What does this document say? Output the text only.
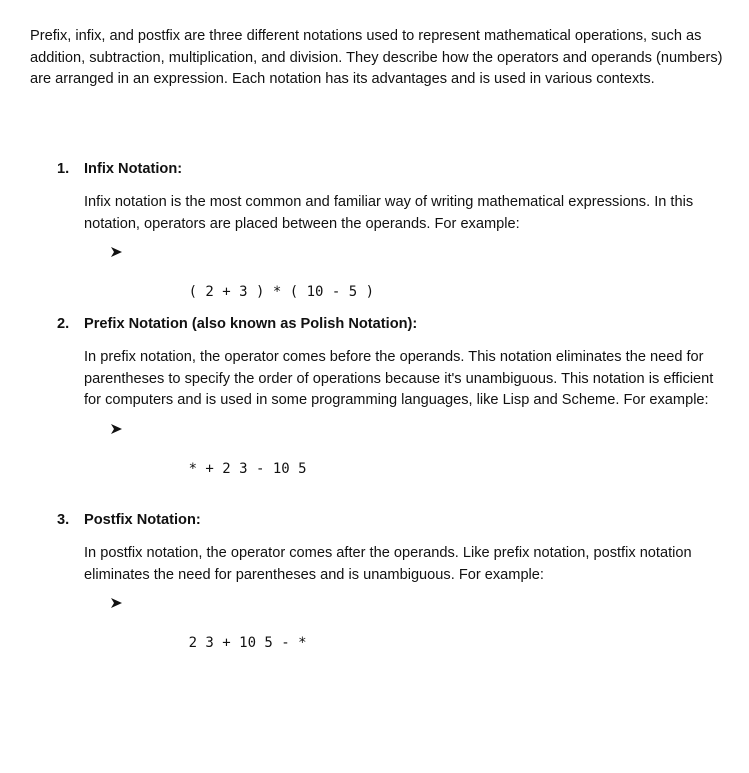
Prefix, infix, and postfix are three different notations used to represent mathematical operations, such as addition, subtraction, multiplication, and division. They describe how the operators and operands (numbers) are arranged in an expression. Each notation has its advantages and is used in various contexts.

1. Infix Notation:

Infix notation is the most common and familiar way of writing mathematical expressions. In this notation, operators are placed between the operands. For example:

( 2 + 3 ) * ( 10 - 5 )

2. Prefix Notation (also known as Polish Notation):

In prefix notation, the operator comes before the operands. This notation eliminates the need for parentheses to specify the order of operations because it's unambiguous. This notation is efficient for computers and is used in some programming languages, like Lisp and Scheme. For example:

* + 2 3 - 10 5

3. Postfix Notation:

In postfix notation, the operator comes after the operands. Like prefix notation, postfix notation eliminates the need for parentheses and is unambiguous. For example:

2 3 + 10 5 - *
